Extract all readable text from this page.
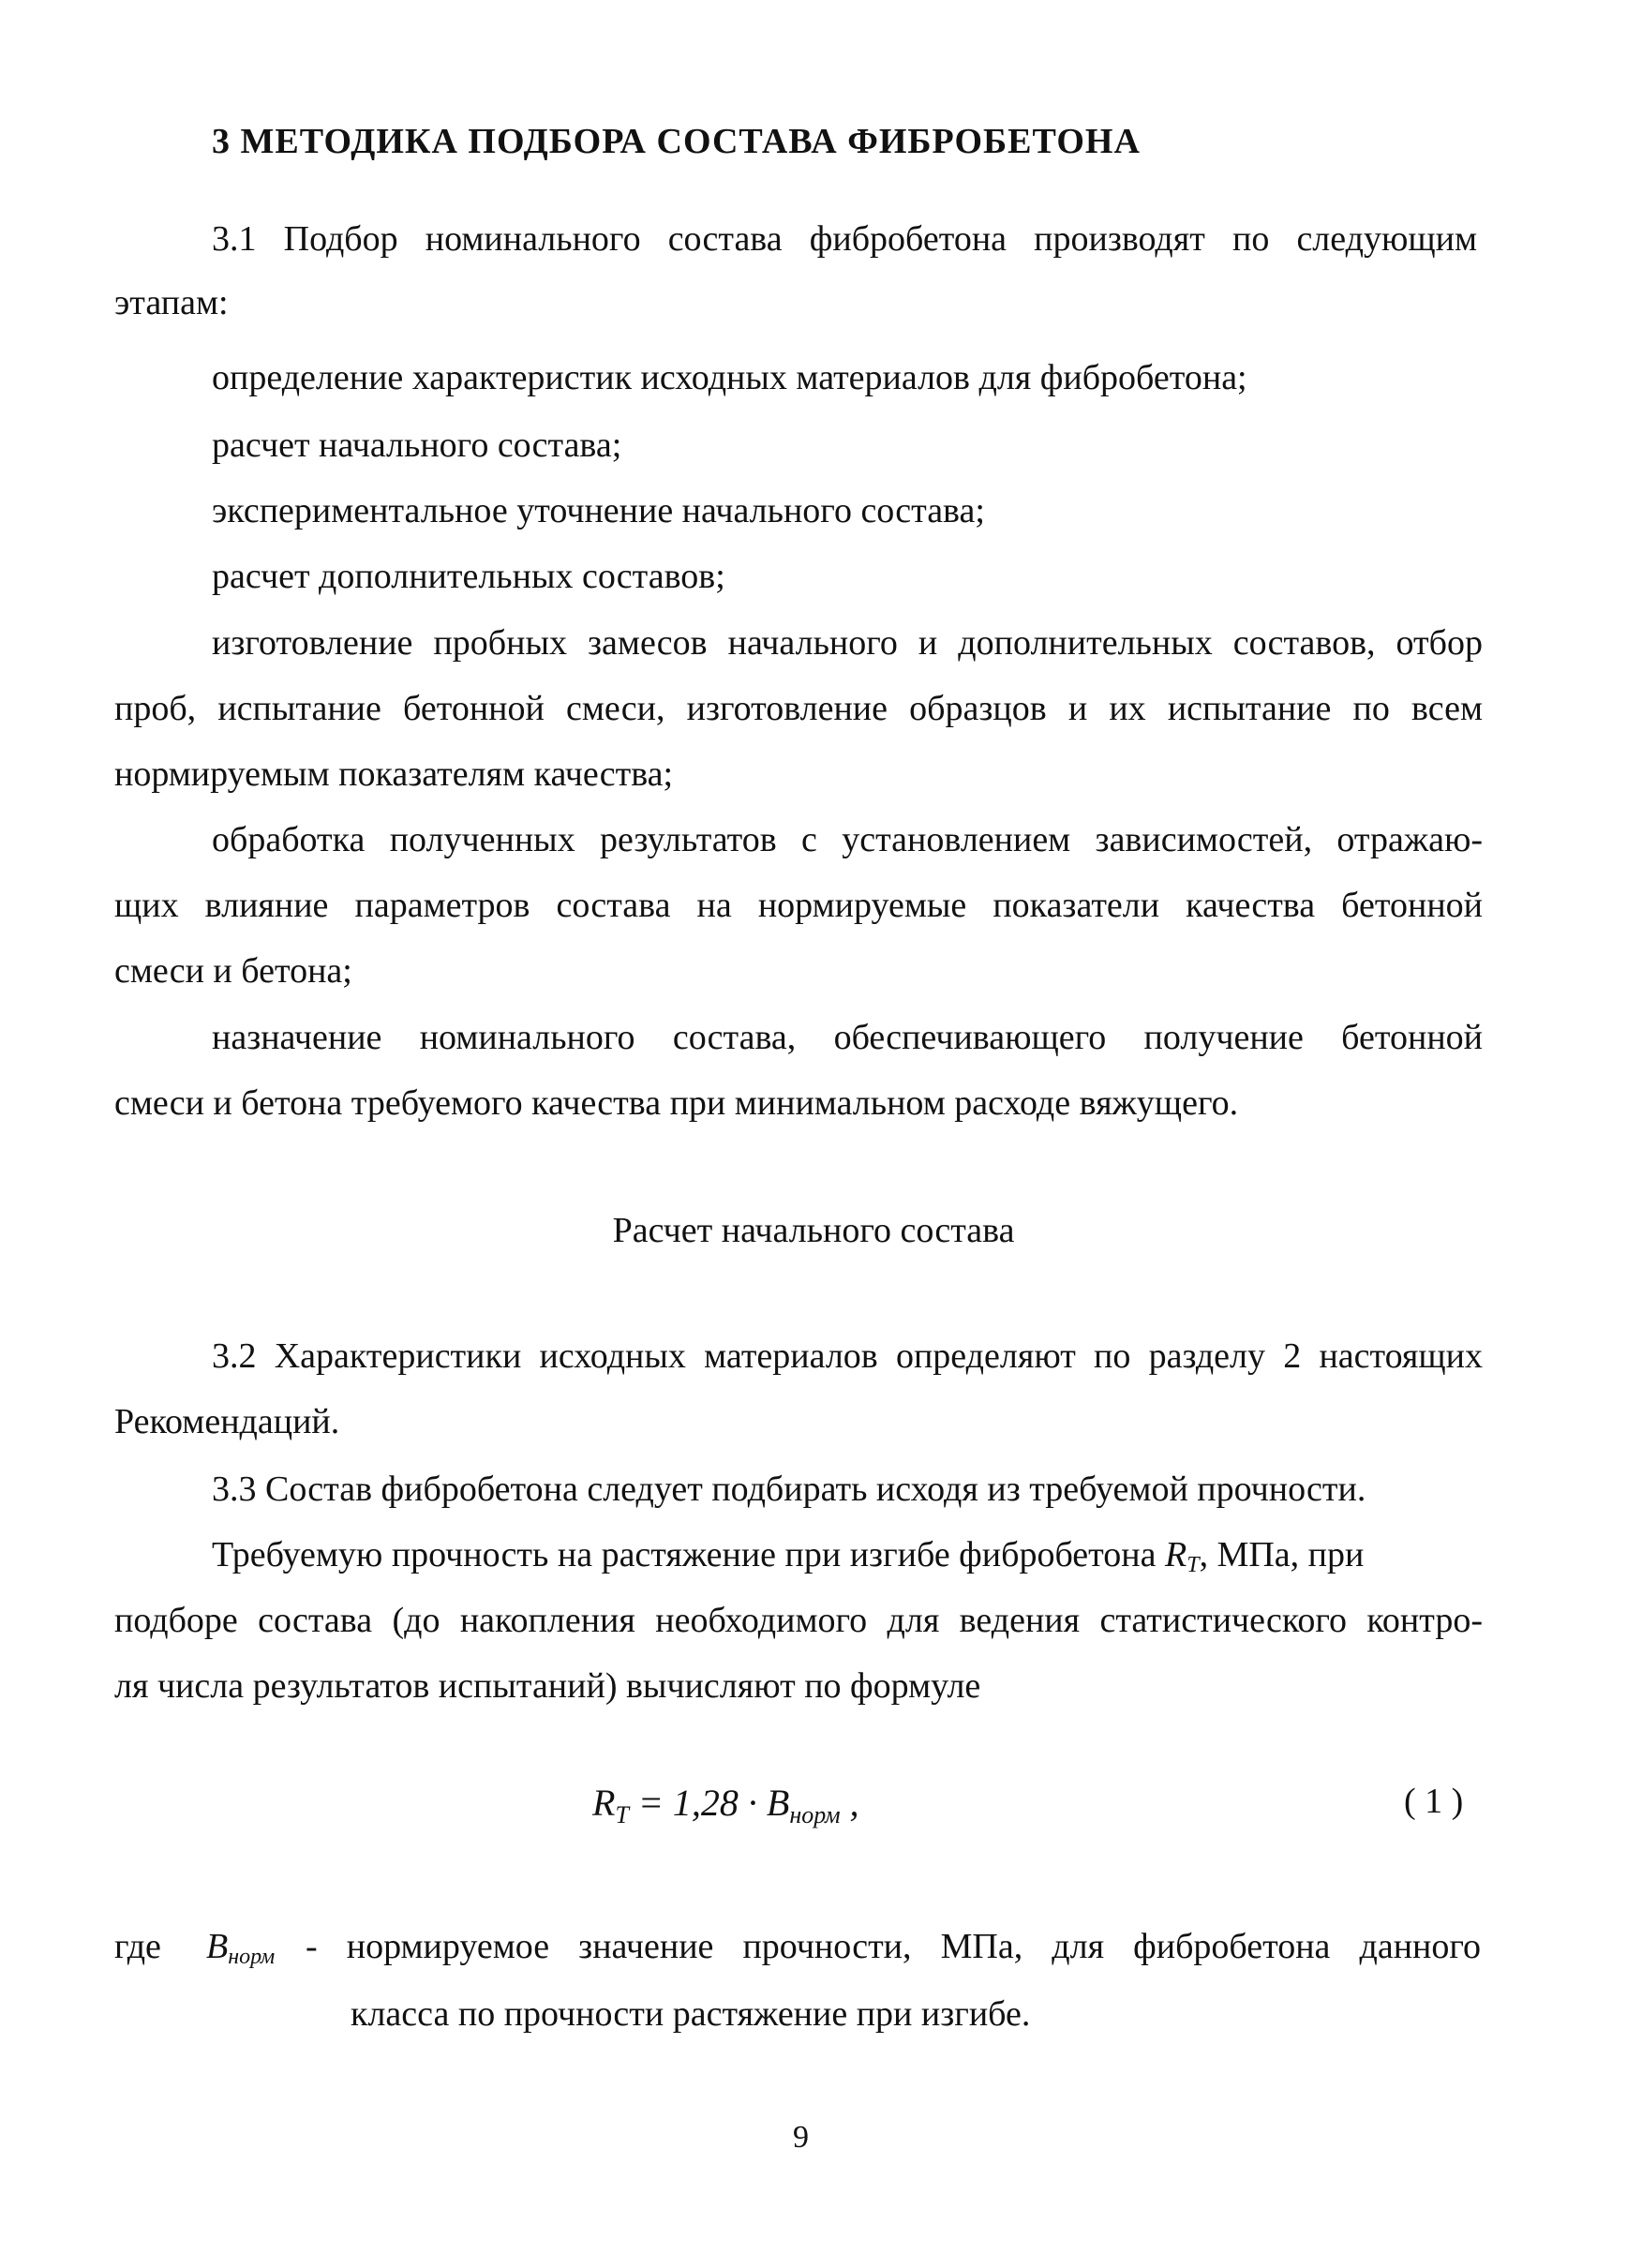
3 МЕТОДИКА ПОДБОРА СОСТАВА ФИБРОБЕТОНА
3.1 Подбор номинального состава фибробетона производят по следующим
этапам:
определение характеристик исходных материалов для фибробетона;
расчет начального состава;
экспериментальное уточнение начального состава;
расчет дополнительных составов;
изготовление пробных замесов начального и дополнительных составов, отбор
проб, испытание бетонной смеси, изготовление образцов и их испытание по всем
нормируемым показателям качества;
обработка полученных результатов с установлением зависимостей, отражаю-
щих влияние параметров состава на нормируемые показатели качества бетонной
смеси и бетона;
назначение номинального состава, обеспечивающего получение бетонной
смеси и бетона требуемого качества при минимальном расходе вяжущего.
Расчет начального состава
3.2 Характеристики исходных материалов определяют по разделу 2 настоящих
Рекомендаций.
3.3 Состав фибробетона следует подбирать исходя из требуемой прочности.
Требуемую прочность на растяжение при изгибе фибробетона $R_T$, МПа, при
подборе состава (до накопления необходимого для ведения статистического контро-
ля числа результатов испытаний) вычисляют по формуле
$R_T = 1,28 \cdot B_{норм}$ ,	( 1 )
где $B_{норм}$ - нормируемое значение прочности, МПа, для фибробетона данного
класса по прочности растяжение при изгибе.
9
